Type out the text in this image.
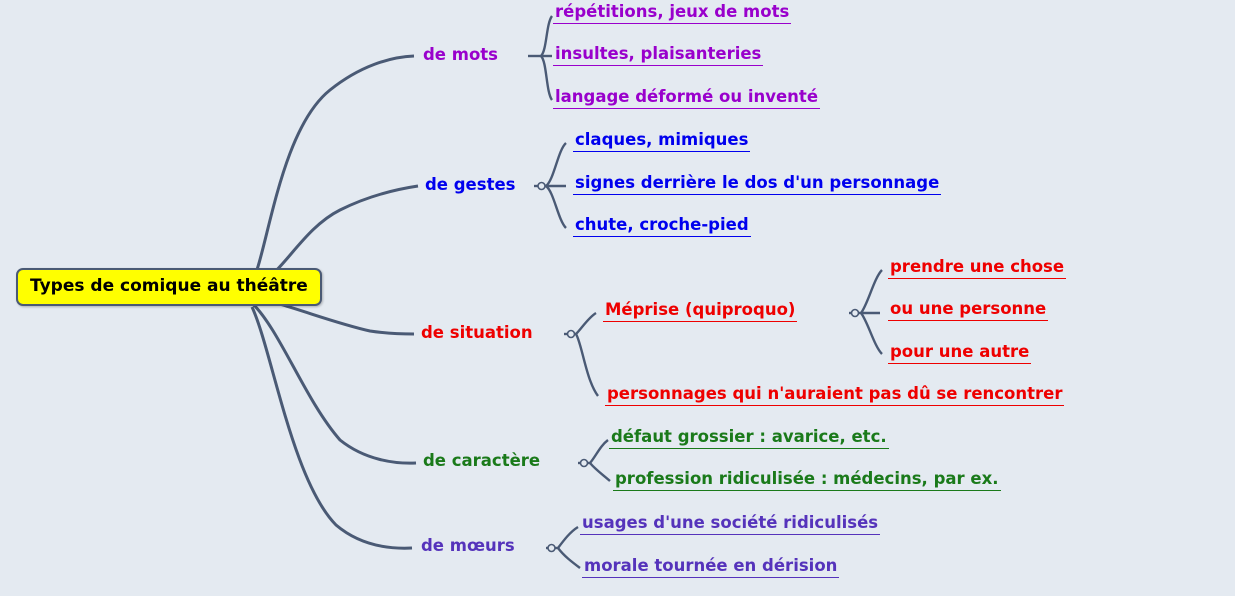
Types de comique au théâtre
de mots
répétitions, jeux de mots
insultes, plaisanteries
langage déformé ou inventé
de gestes
claques, mimiques
signes derrière le dos d'un personnage
chute, croche-pied
de situation
Méprise (quiproquo)
prendre une chose
ou une personne
pour une autre
personnages qui n'auraient pas dû se rencontrer
de caractère
défaut grossier : avarice, etc.
profession ridiculisée : médecins, par ex.
de mœurs
usages d'une société ridiculisés
morale tournée en dérision
